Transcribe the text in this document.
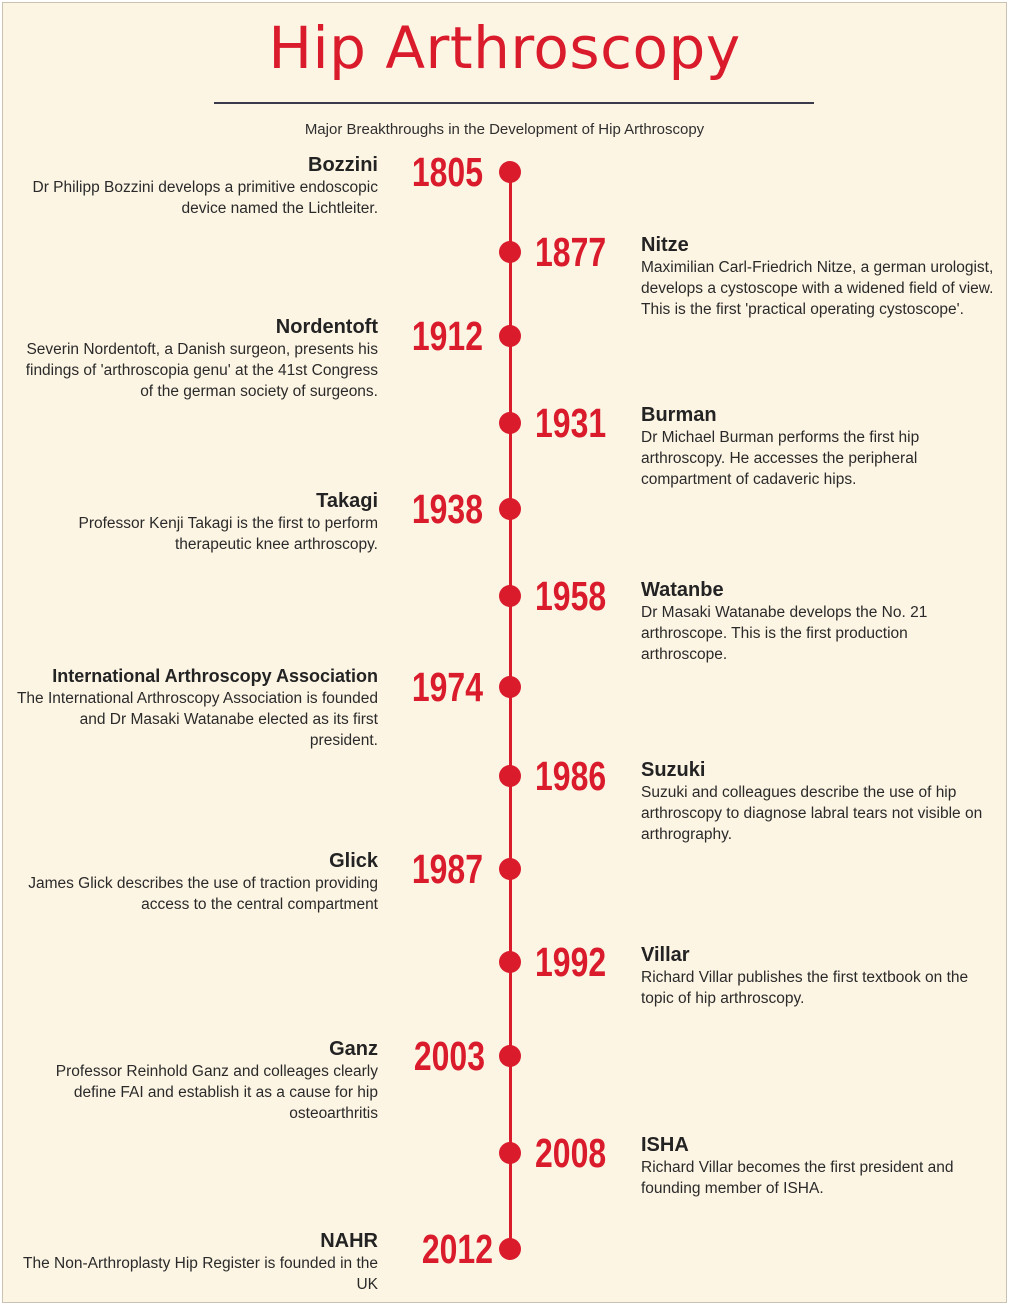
Hip Arthroscopy
Major Breakthroughs in the Development of Hip Arthroscopy
1805
Bozzini
Dr Philipp Bozzini develops a primitive endoscopic device named the Lichtleiter.
1877	Nitze
Maximilian Carl-Friedrich Nitze, a german urologist, develops a cystoscope with a widened field of view. This is the first 'practical operating cystoscope'.
1912
Nordentoft
Severin Nordentoft, a Danish surgeon, presents his findings of 'arthroscopia genu' at the 41st Congress of the german society of surgeons.
1931	Burman
Dr Michael Burman performs the first hip arthroscopy. He accesses the peripheral compartment of cadaveric hips.
1938
Takagi
Professor Kenji Takagi is the first to perform therapeutic knee arthroscopy.
1958	Watanbe
Dr Masaki Watanabe develops the No. 21 arthroscope. This is the first production arthroscope.
1974
International Arthroscopy Association
The International Arthroscopy Association is founded and Dr Masaki Watanabe elected as its first president.
1986	Suzuki
Suzuki and colleagues describe the use of hip arthroscopy to diagnose labral tears not visible on arthrography.
1987
Glick
James Glick describes the use of traction providing access to the central compartment
1992	Villar
Richard Villar publishes the first textbook on the topic of hip arthroscopy.
2003
Ganz
Professor Reinhold Ganz and colleages clearly define FAI and establish it as a cause for hip osteoarthritis
2008	ISHA
Richard Villar becomes the first president and founding member of ISHA.
2012
NAHR
The Non-Arthroplasty Hip Register is founded in the UK
